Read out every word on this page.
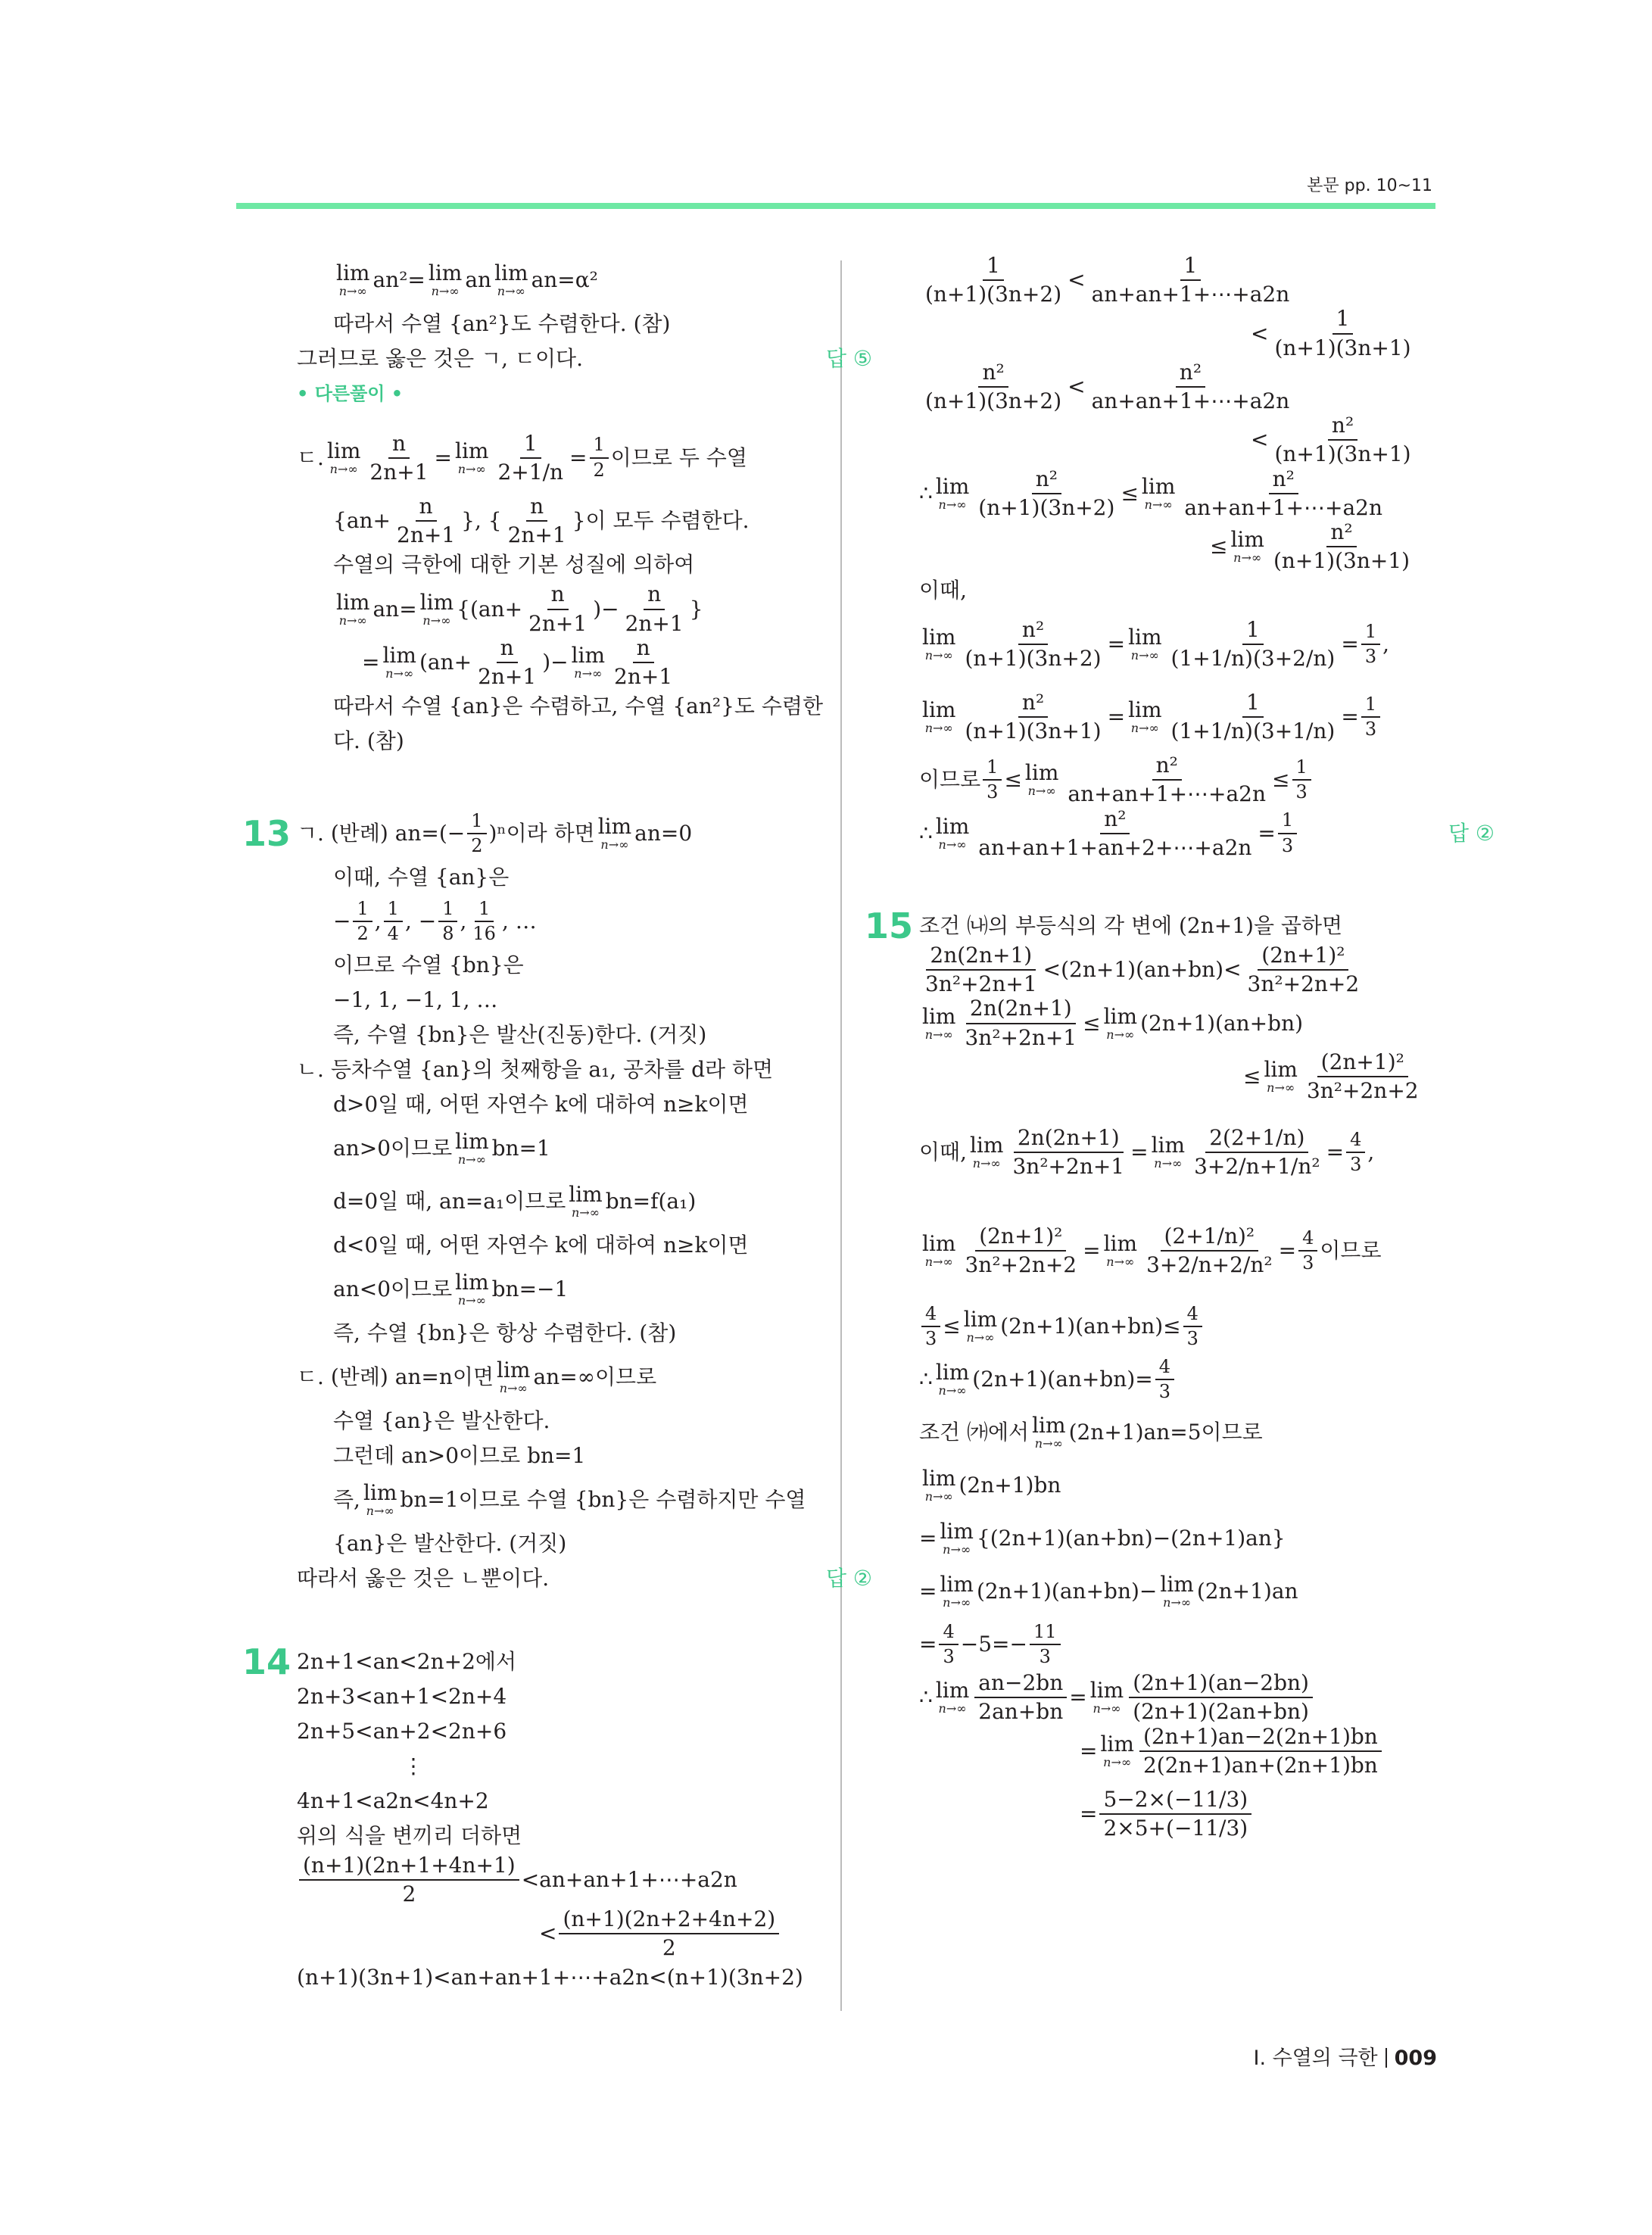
본문 pp. 10~11
lim
n→∞ an²= lim
n→∞ an lim
n→∞ an=α²
따라서 수열 {an²}도 수렴한다. (참)
그러므로 옳은 것은 ㄱ, ㄷ이다.	답 ⑤
• 다른풀이 •
ㄷ. lim
$n\to\infty \frac{n}{2n+1} = \lim$
$n\to\infty \frac{1}{2+1/n} = \frac{1}{2}$ 이므로 두 수열
{$an+ \frac{n}{2n+1}$ }, {
n
2n+1
}이 모두 수렴한다.
수열의 극한에 대한 기본 성질에 의하여
lim
n→∞ an= lim
n→∞ {($an+ \frac{n}{2n+1}$ )− $\frac{n}{2n+1}$ }
= lim
n→∞ ($an+ \frac{n}{2n+1}$ )− lim
n→∞
n
2n+1
따라서 수열 {an}은 수렴하고, 수열 {an²}도 수렴한
다. (참)
13 ㄱ. (반례) $an=(- \frac{1}{2} )^n$이라 하면 lim
n→∞ an=0
이때, 수열 {an}은
− $\frac{1}{2}$ ,
1
4 , − $\frac{1}{8}$ ,
1
16 , …
이므로 수열 {bn}은
−1, 1, −1, 1, …
즉, 수열 {bn}은 발산(진동)한다. (거짓)
ㄴ. 등차수열 {an}의 첫째항을 a₁, 공차를 d라 하면
d>0일 때, 어떤 자연수 k에 대하여 n≥k이면
an>0이므로 lim
n→∞ bn=1
d=0일 때, an=a₁이므로 lim
n→∞ bn=f(a₁)
d<0일 때, 어떤 자연수 k에 대하여 n≥k이면
an<0이므로 lim
n→∞ bn=−1
즉, 수열 {bn}은 항상 수렴한다. (참)
ㄷ. (반례) an=n이면 lim
n→∞ an=∞이므로
수열 {an}은 발산한다.
그런데 an>0이므로 bn=1
즉, lim
n→∞ bn=1이므로 수열 {bn}은 수렴하지만 수열
{an}은 발산한다. (거짓)
따라서 옳은 것은 ㄴ뿐이다.	답 ②
14 2n+1<an<2n+2에서
2n+3<an+1<2n+4
2n+5<an+2<2n+6
⋮
4n+1<a2n<4n+2
위의 식을 변끼리 더하면
(n+1)(2n+1+4n+1)
2
<an+an+1+⋯+a2n
<
(n+1)(2n+2+4n+2)
2
(n+1)(3n+1)<an+an+1+⋯+a2n<(n+1)(3n+2)
1
(n+1)(3n+2)
<
1
an+an+1+⋯+a2n
<
1
(n+1)(3n+1)
n²
(n+1)(3n+2)
<
n²
an+an+1+⋯+a2n
<
n²
(n+1)(3n+1)
∴ lim
$n\to\infty \frac{\text{n²}}{(n+1)(3n+2)} \le \lim$
n→∞
n²
an+an+1+⋯+a2n
≤ lim
n→∞
n²
(n+1)(3n+1)
이때,
lim
$n\to\infty \frac{\text{n²}}{(n+1)(3n+2)} = \lim$
$n\to\infty \frac{1}{(1+1/n)(3+2/n)} = \frac{1}{3}$ ,
lim
$n\to\infty \frac{\text{n²}}{(n+1)(3n+1)} = \lim$
$n\to\infty \frac{1}{(1+1/n)(3+1/n)} = \frac{1}{3}$
이므로 $\frac{1}{3} \le \lim$
$n\to\infty \frac{\text{n²}}{an+an+1+\cdots+a2n} \le \frac{1}{3}$
∴ lim
$n\to\infty \frac{\text{n²}}{an+an+1+an+2+\cdots+a2n} = \frac{1}{3}$	답 ②
15 조건 ㈏의 부등식의 각 변에 (2n+1)을 곱하면
2n(2n+1)
3n²+2n+1
<(2n+1)(an+bn)<
(2n+1)²
3n²+2n+2
lim
$n\to\infty \frac{2n(2n+1)}{\text{3n²+2n+1}} \le \lim$
n→∞ (2n+1)(an+bn)
≤ lim
n→∞
(2n+1)²
3n²+2n+2
이때, lim
$n\to\infty \frac{2n(2n+1)}{\text{3n²+2n+1}} = \lim$
$n\to\infty \frac{2(2+1/n)}{\text{3+2/n+1/n²}} = \frac{4}{3}$ ,
lim
$n\to\infty \frac{\text{(2n+1)²}}{\text{3n²+2n+2}} = \lim$
$n\to\infty \frac{\text{(2+1/n)²}}{\text{3+2/n+2/n²}} = \frac{4}{3}$ 이므로
$\frac{4}{3} \le \lim$
n→∞ $(2n+1)(an+bn)\le \frac{4}{3}$
∴ lim
n→∞ $(2n+1)(an+bn)= \frac{4}{3}$
조건 ㈎에서 lim
n→∞ (2n+1)an=5이므로
lim
n→∞ (2n+1)bn
= lim
n→∞ {(2n+1)(an+bn)−(2n+1)an}
= lim
n→∞ (2n+1)(an+bn)− lim
n→∞ (2n+1)an
= $\frac{4}{3} -5=- \frac{11}{3}$
∴ lim
$n\to\infty \frac{an-2bn}{2an+bn} = \lim$
n→∞
(2n+1)(an−2bn)
(2n+1)(2an+bn)
= lim
n→∞
(2n+1)an−2(2n+1)bn
2(2n+1)an+(2n+1)bn
= $\frac{5-2\times(-11/3)}{2\times 5+(-11/3)}$
Ⅰ. 수열의 극한 009
